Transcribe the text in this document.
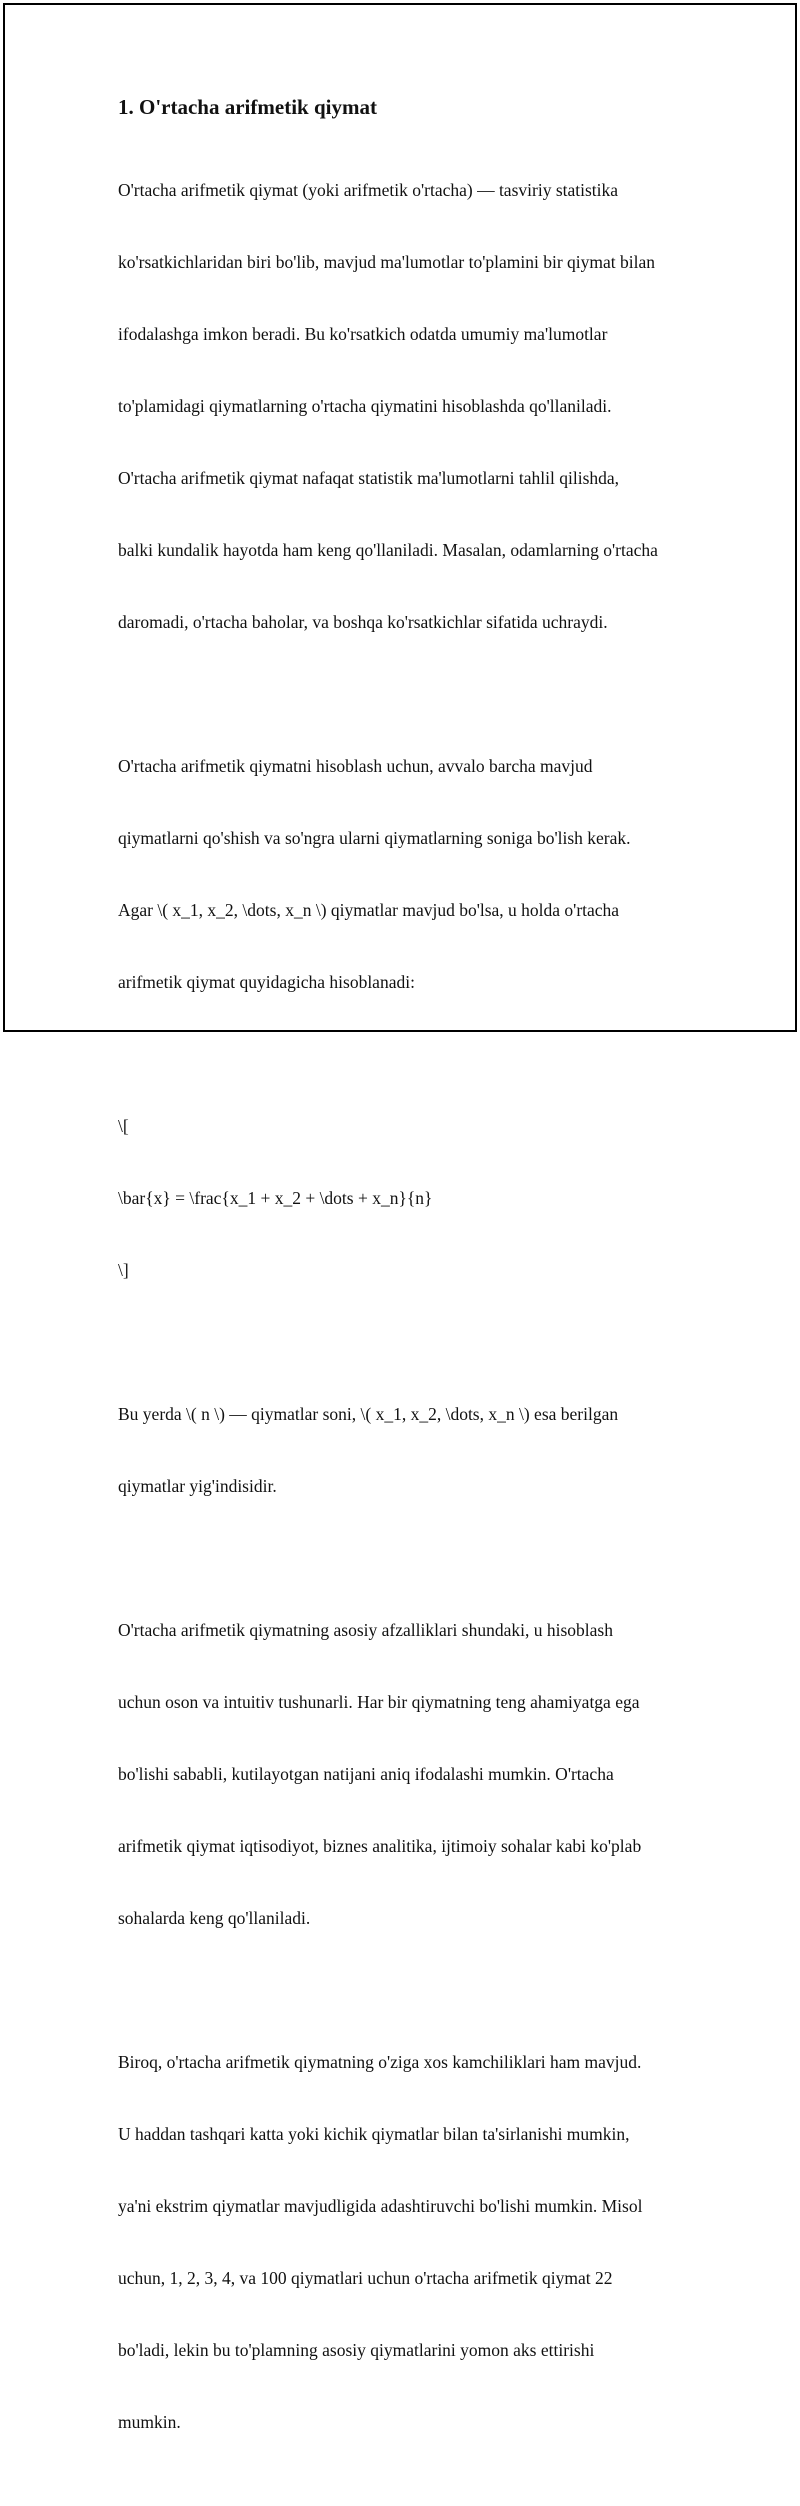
1. O'rtacha arifmetik qiymat

O'rtacha arifmetik qiymat (yoki arifmetik o'rtacha) — tasviriy statistika

ko'rsatkichlaridan biri bo'lib, mavjud ma'lumotlar to'plamini bir qiymat bilan

ifodalashga imkon beradi. Bu ko'rsatkich odatda umumiy ma'lumotlar

to'plamidagi qiymatlarning o'rtacha qiymatini hisoblashda qo'llaniladi.

O'rtacha arifmetik qiymat nafaqat statistik ma'lumotlarni tahlil qilishda,

balki kundalik hayotda ham keng qo'llaniladi. Masalan, odamlarning o'rtacha

daromadi, o'rtacha baholar, va boshqa ko'rsatkichlar sifatida uchraydi.

O'rtacha arifmetik qiymatni hisoblash uchun, avvalo barcha mavjud

qiymatlarni qo'shish va so'ngra ularni qiymatlarning soniga bo'lish kerak.

Agar \( x_1, x_2, \dots, x_n \) qiymatlar mavjud bo'lsa, u holda o'rtacha

arifmetik qiymat quyidagicha hisoblanadi:

\[

\bar{x} = \frac{x_1 + x_2 + \dots + x_n}{n}

\]

Bu yerda \( n \) — qiymatlar soni, \( x_1, x_2, \dots, x_n \) esa berilgan

qiymatlar yig'indisidir.

O'rtacha arifmetik qiymatning asosiy afzalliklari shundaki, u hisoblash

uchun oson va intuitiv tushunarli. Har bir qiymatning teng ahamiyatga ega

bo'lishi sababli, kutilayotgan natijani aniq ifodalashi mumkin. O'rtacha

arifmetik qiymat iqtisodiyot, biznes analitika, ijtimoiy sohalar kabi ko'plab

sohalarda keng qo'llaniladi.

Biroq, o'rtacha arifmetik qiymatning o'ziga xos kamchiliklari ham mavjud.

U haddan tashqari katta yoki kichik qiymatlar bilan ta'sirlanishi mumkin,

ya'ni ekstrim qiymatlar mavjudligida adashtiruvchi bo'lishi mumkin. Misol

uchun, 1, 2, 3, 4, va 100 qiymatlari uchun o'rtacha arifmetik qiymat 22

bo'ladi, lekin bu to'plamning asosiy qiymatlarini yomon aks ettirishi

mumkin.
